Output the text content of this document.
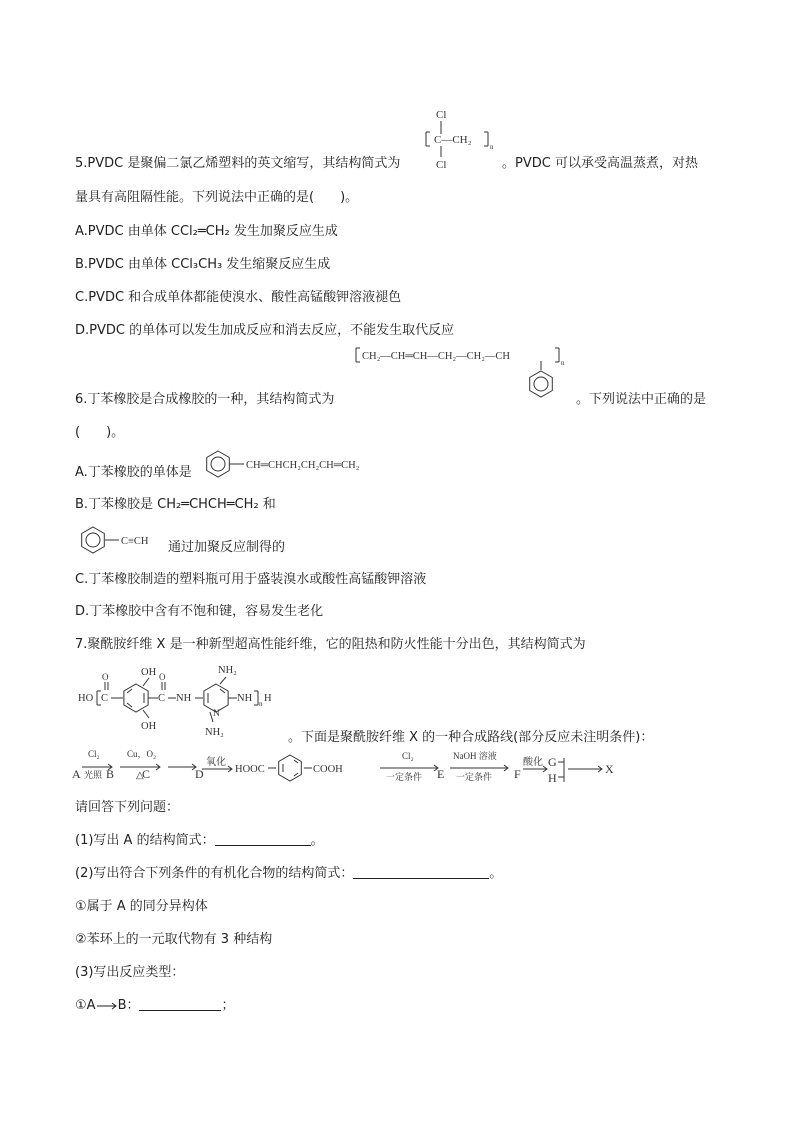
Cl
C—CH₂
n
Cl
5.PVDC 是聚偏二氯乙烯塑料的英文缩写，其结构简式为	。PVDC 可以承受高温蒸煮，对热
量具有高阻隔性能。下列说法中正确的是(　　)。
A.PVDC 由单体 CCl₂═CH₂ 发生加聚反应生成
B.PVDC 由单体 CCl₃CH₃ 发生缩聚反应生成
C.PVDC 和合成单体都能使溴水、酸性高锰酸钾溶液褪色
D.PVDC 的单体可以发生加成反应和消去反应，不能发生取代反应
CH₂—CH═CH—CH₂—CH₂—CH
n
6.丁苯橡胶是合成橡胶的一种，其结构简式为	。下列说法中正确的是
(　　)。
A.丁苯橡胶的单体是	CH═CHCH₂CH₂CH═CH₂
B.丁苯橡胶是 CH₂═CHCH═CH₂ 和
C≡CH 通过加聚反应制得的
C.丁苯橡胶制造的塑料瓶可用于盛装溴水或酸性高锰酸钾溶液
D.丁苯橡胶中含有不饱和键，容易发生老化
7.聚酰胺纤维 X 是一种新型超高性能纤维，它的阻热和防火性能十分出色，其结构简式为
HO C
O	OH
OH
C
O
NH
N
NH₂
NH₂
NH n H
。下面是聚酰胺纤维 X 的一种合成路线(部分反应未注明条件)：
A
Cl₂
光照 B
Cu，O₂
△
C	D
氧化
HOOC	COOH
Cl₂
一定条件 E
NaOH 溶液
一定条件 F
酸化 G
H
X
请回答下列问题：
(1)写出 A 的结构简式：	。
(2)写出符合下列条件的有机化合物的结构简式：	。
①属于 A 的同分异构体
②苯环上的一元取代物有 3 种结构
(3)写出反应类型：
①A B：	；
